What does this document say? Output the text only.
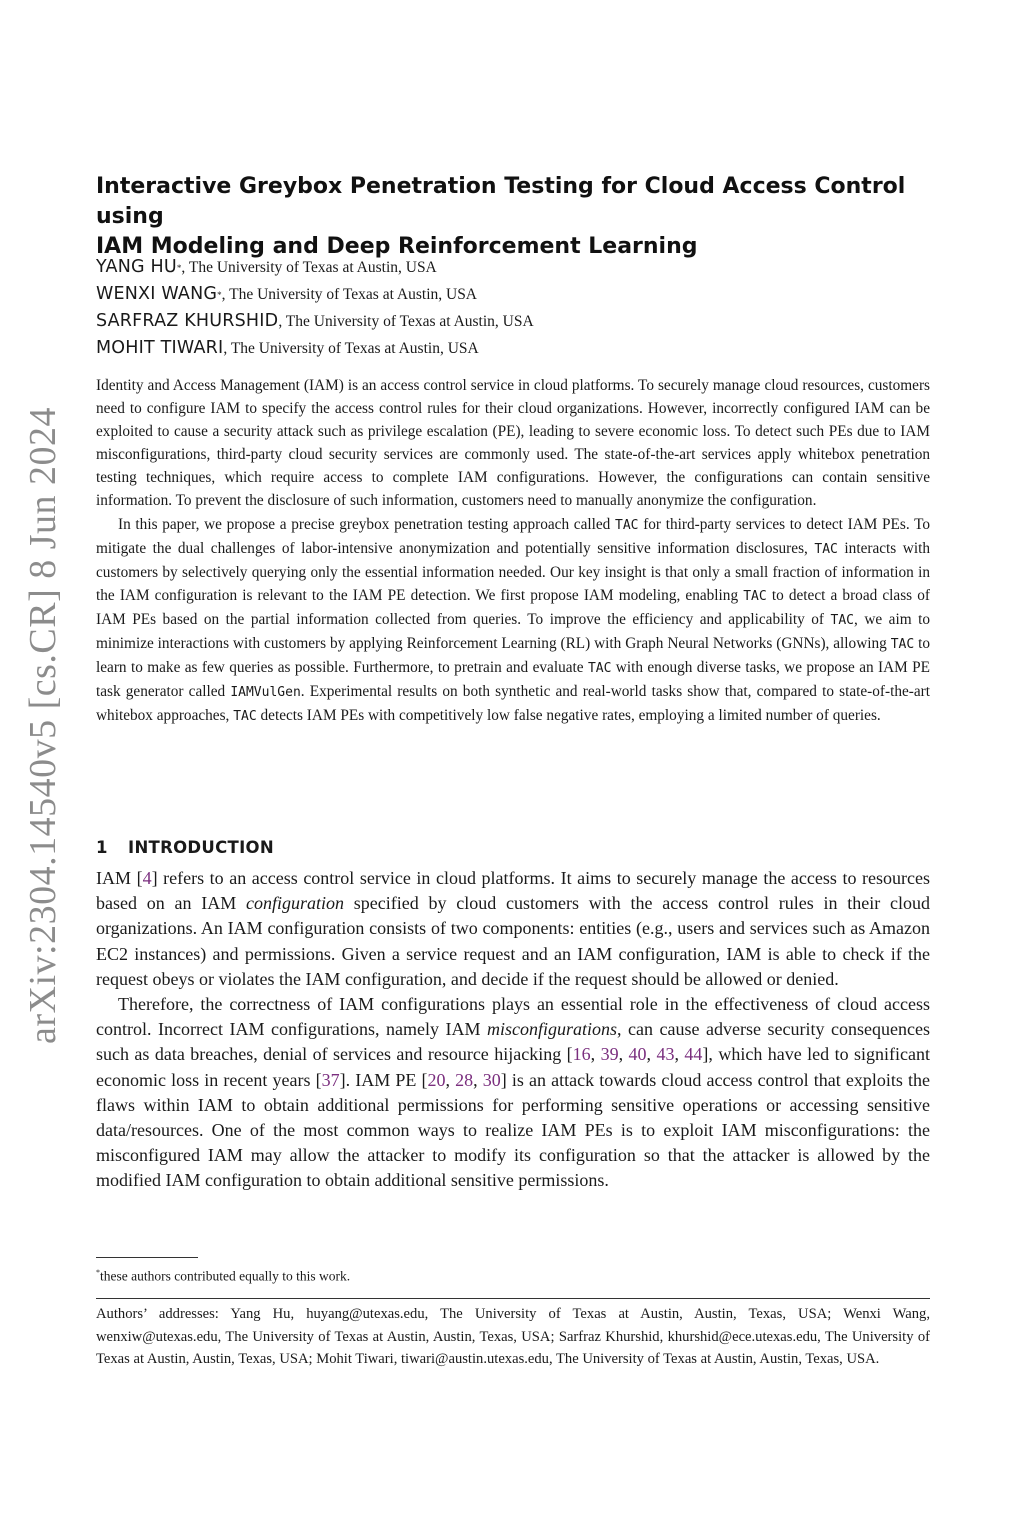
arXiv:2304.14540v5 [cs.CR] 8 Jun 2024
Interactive Greybox Penetration Testing for Cloud Access Control using
IAM Modeling and Deep Reinforcement Learning
YANG HU*, The University of Texas at Austin, USA
WENXI WANG*, The University of Texas at Austin, USA
SARFRAZ KHURSHID, The University of Texas at Austin, USA
MOHIT TIWARI, The University of Texas at Austin, USA

Identity and Access Management (IAM) is an access control service in cloud platforms. To securely manage cloud resources, customers need to configure IAM to specify the access control rules for their cloud organizations. However, incorrectly configured IAM can be exploited to cause a security attack such as privilege escalation (PE), leading to severe economic loss. To detect such PEs due to IAM misconfigurations, third-party cloud security services are commonly used. The state-of-the-art services apply whitebox penetration testing techniques, which require access to complete IAM configurations. However, the configurations can contain sensitive information. To prevent the disclosure of such information, customers need to manually anonymize the configuration.

In this paper, we propose a precise greybox penetration testing approach called TAC for third-party services to detect IAM PEs. To mitigate the dual challenges of labor-intensive anonymization and potentially sensitive information disclosures, TAC interacts with customers by selectively querying only the essential information needed. Our key insight is that only a small fraction of information in the IAM configuration is relevant to the IAM PE detection. We first propose IAM modeling, enabling TAC to detect a broad class of IAM PEs based on the partial information collected from queries. To improve the efficiency and applicability of TAC, we aim to minimize interactions with customers by applying Reinforcement Learning (RL) with Graph Neural Networks (GNNs), allowing TAC to learn to make as few queries as possible. Furthermore, to pretrain and evaluate TAC with enough diverse tasks, we propose an IAM PE task generator called IAMVulGen. Experimental results on both synthetic and real-world tasks show that, compared to state-of-the-art whitebox approaches, TAC detects IAM PEs with competitively low false negative rates, employing a limited number of queries.

1 INTRODUCTION

IAM [4] refers to an access control service in cloud platforms. It aims to securely manage the access to resources based on an IAM configuration specified by cloud customers with the access control rules in their cloud organizations. An IAM configuration consists of two components: entities (e.g., users and services such as Amazon EC2 instances) and permissions. Given a service request and an IAM configuration, IAM is able to check if the request obeys or violates the IAM configuration, and decide if the request should be allowed or denied.

Therefore, the correctness of IAM configurations plays an essential role in the effectiveness of cloud access control. Incorrect IAM configurations, namely IAM misconfigurations, can cause adverse security consequences such as data breaches, denial of services and resource hijacking [16, 39, 40, 43, 44], which have led to significant economic loss in recent years [37]. IAM PE [20, 28, 30] is an attack towards cloud access control that exploits the flaws within IAM to obtain additional permissions for performing sensitive operations or accessing sensitive data/resources. One of the most common ways to realize IAM PEs is to exploit IAM misconfigurations: the misconfigured IAM may allow the attacker to modify its configuration so that the attacker is allowed by the modified IAM configuration to obtain additional sensitive permissions.

*these authors contributed equally to this work.
Authors’ addresses: Yang Hu, huyang@utexas.edu, The University of Texas at Austin, Austin, Texas, USA; Wenxi Wang, wenxiw@utexas.edu, The University of Texas at Austin, Austin, Texas, USA; Sarfraz Khurshid, khurshid@ece.utexas.edu, The University of Texas at Austin, Austin, Texas, USA; Mohit Tiwari, tiwari@austin.utexas.edu, The University of Texas at Austin, Austin, Texas, USA.
